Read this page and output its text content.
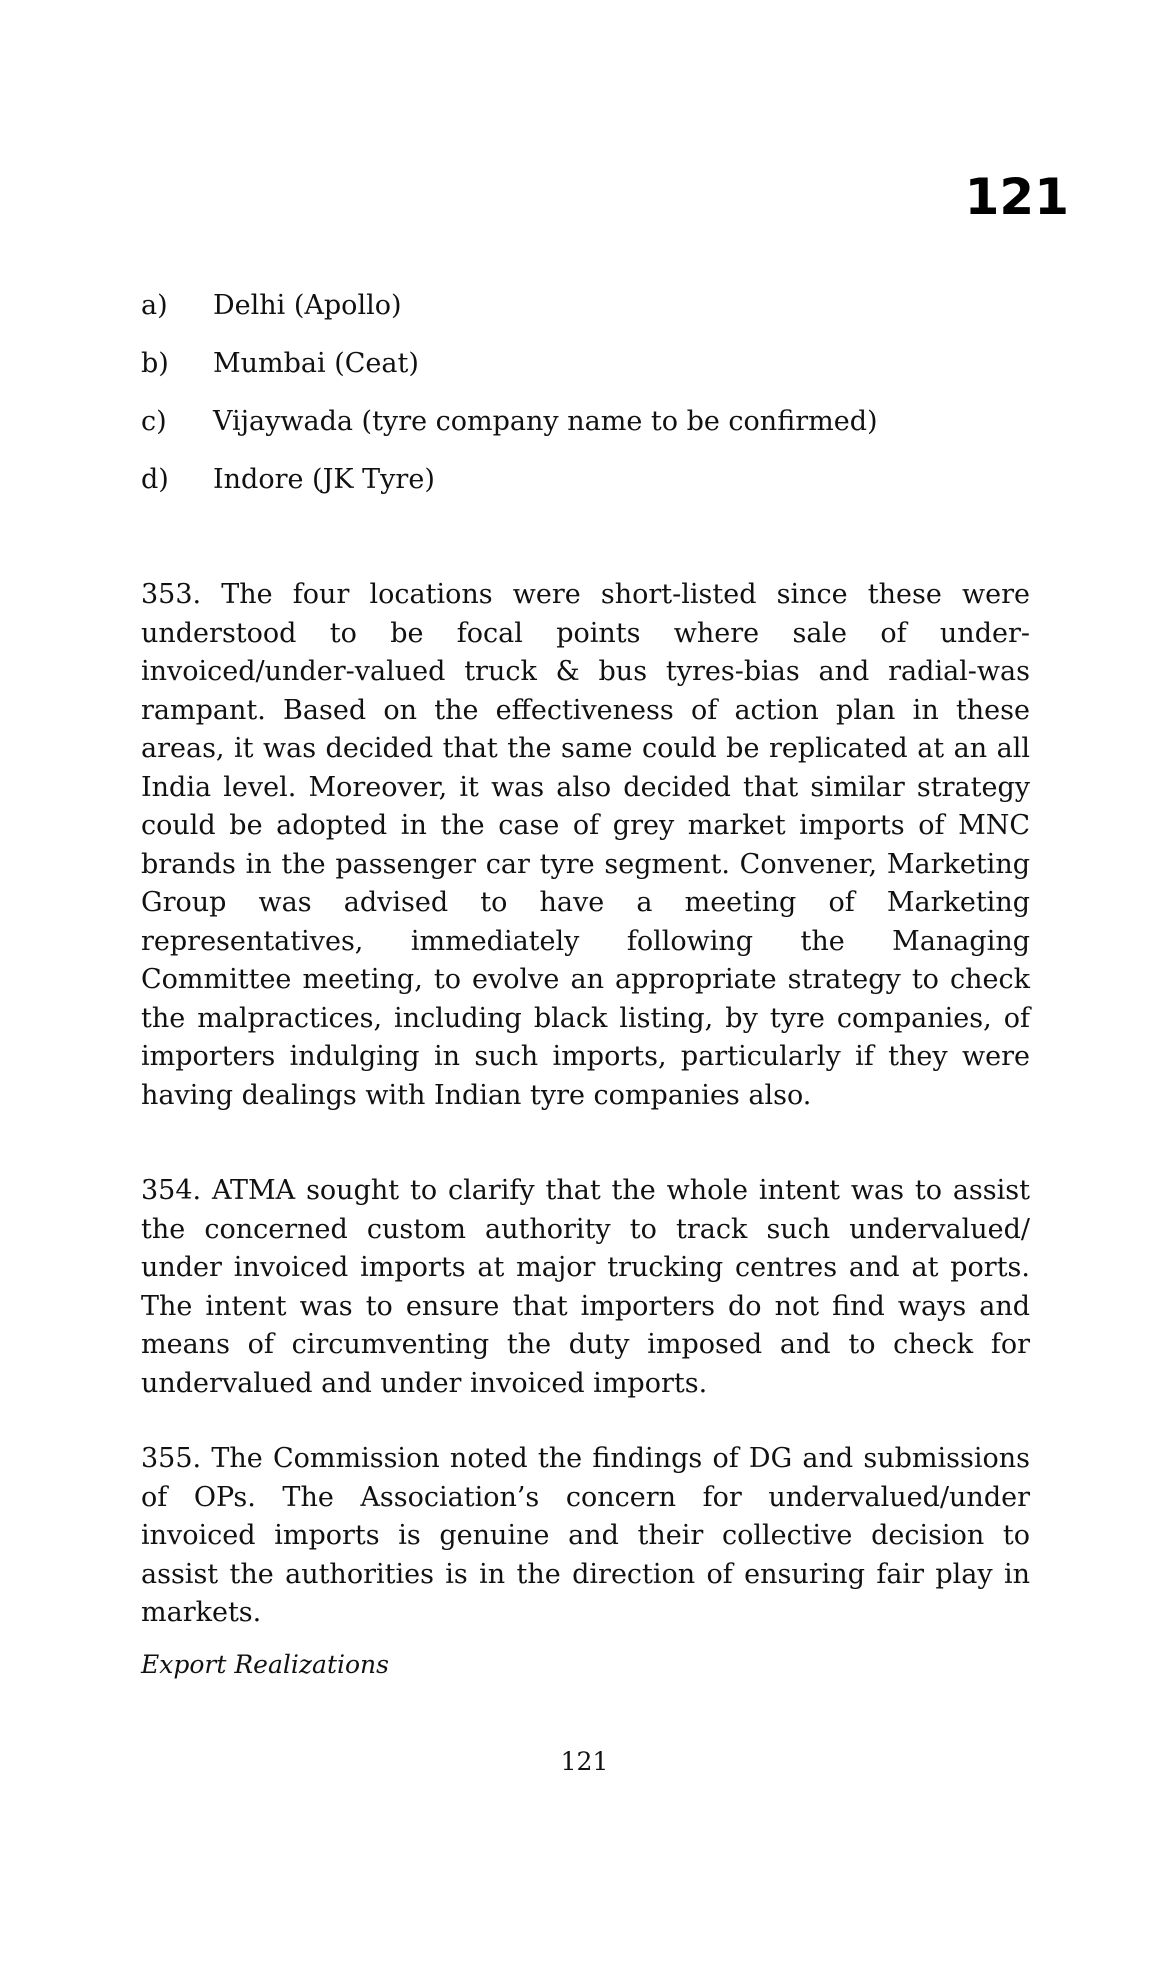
121
a)	Delhi (Apollo)
b)	Mumbai (Ceat)
c)	Vijaywada (tyre company name to be confirmed)
d)	Indore (JK Tyre)

353. The four locations were short-listed since these were understood to be focal points where sale of under-invoiced/under-valued truck & bus tyres-bias and radial-was rampant. Based on the effectiveness of action plan in these areas, it was decided that the same could be replicated at an all India level. Moreover, it was also decided that similar strategy could be adopted in the case of grey market imports of MNC brands in the passenger car tyre segment. Convener, Marketing Group was advised to have a meeting of Marketing representatives, immediately following the Managing Committee meeting, to evolve an appropriate strategy to check the malpractices, including black listing, by tyre companies, of importers indulging in such imports, particularly if they were having dealings with Indian tyre companies also.

354. ATMA sought to clarify that the whole intent was to assist the concerned custom authority to track such undervalued/ under invoiced imports at major trucking centres and at ports. The intent was to ensure that importers do not find ways and means of circumventing the duty imposed and to check for undervalued and under invoiced imports.

355. The Commission noted the findings of DG and submissions of OPs. The Association’s concern for undervalued/under invoiced imports is genuine and their collective decision to assist the authorities is in the direction of ensuring fair play in markets.

Export Realizations

121
